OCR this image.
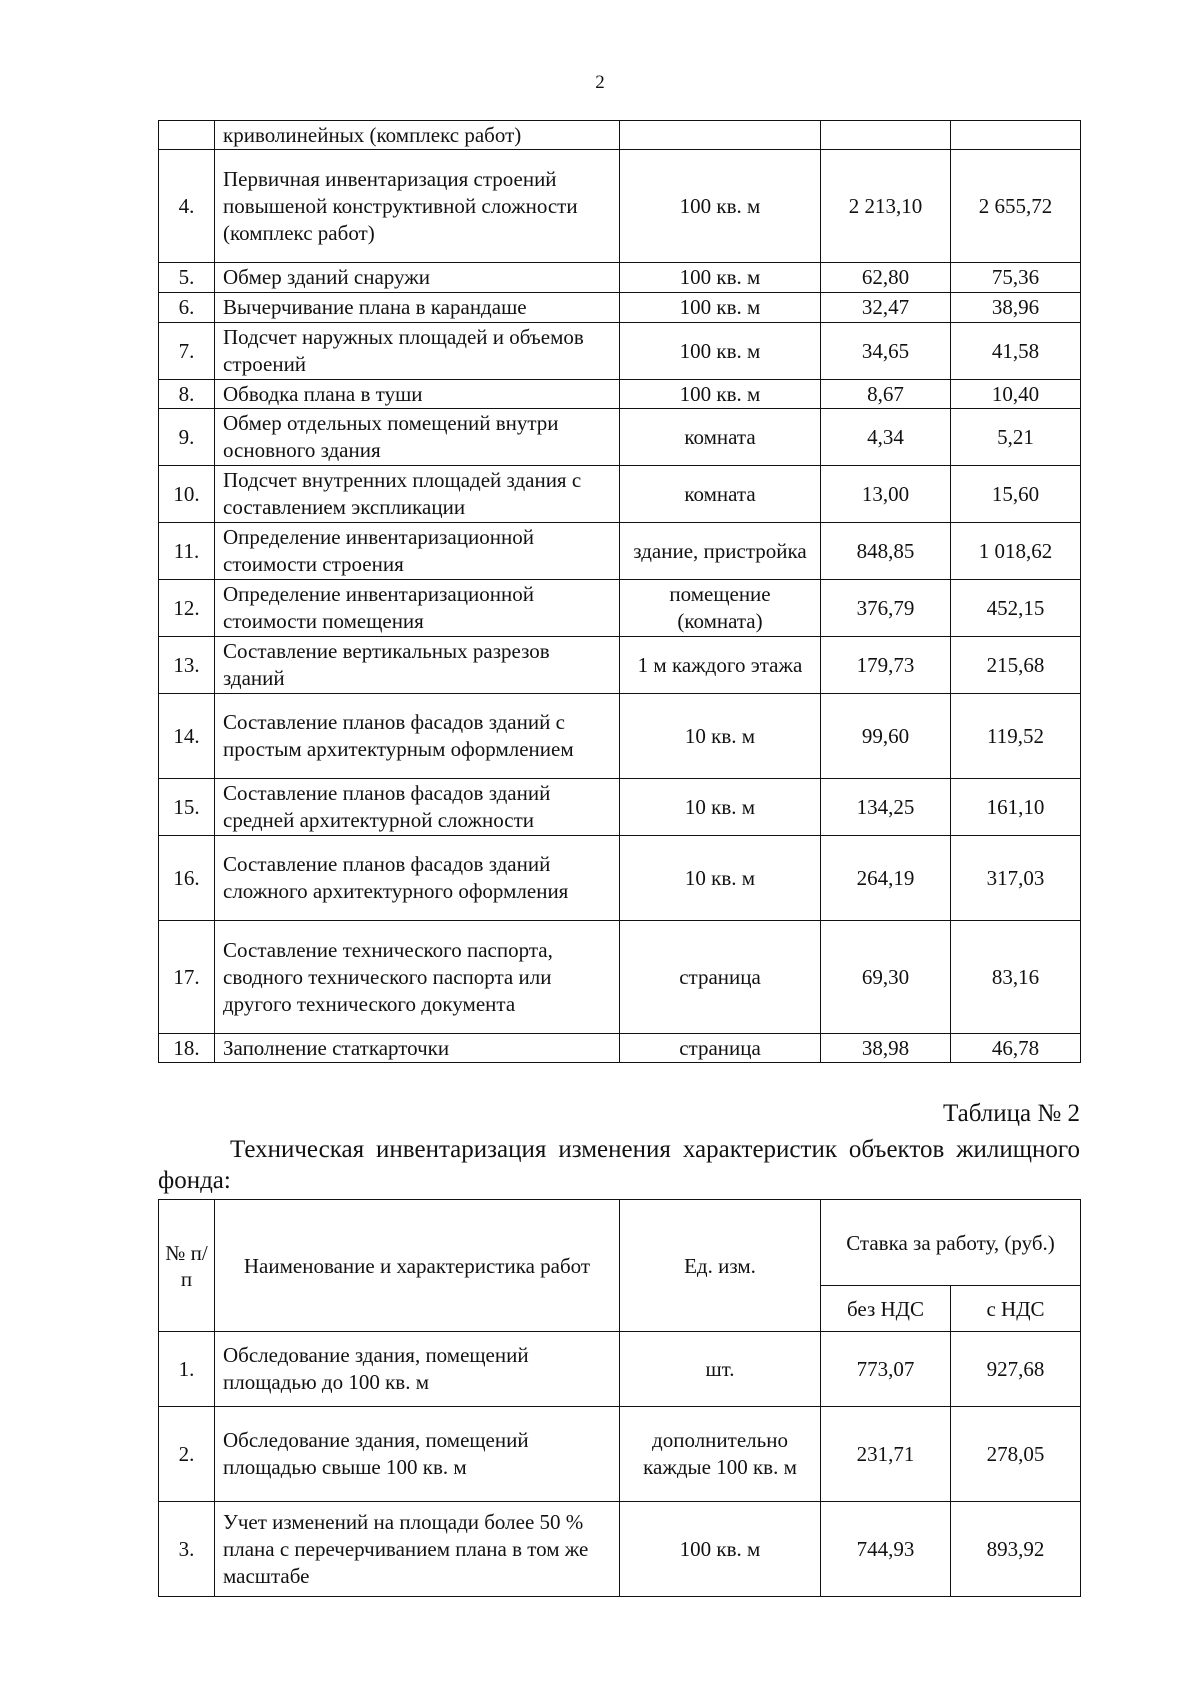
2
	криволинейных (комплекс работ)			
4.	Первичная инвентаризация строений повышеной конструктивной сложности (комплекс работ)	100 кв. м	2 213,10	2 655,72
5.	Обмер зданий снаружи	100 кв. м	62,80	75,36
6.	Вычерчивание плана в карандаше	100 кв. м	32,47	38,96
7.	Подсчет наружных площадей и объемов строений	100 кв. м	34,65	41,58
8.	Обводка плана в туши	100 кв. м	8,67	10,40
9.	Обмер отдельных помещений внутри основного здания	комната	4,34	5,21
10.	Подсчет внутренних площадей здания с составлением экспликации	комната	13,00	15,60
11.	Определение инвентаризационной стоимости строения	здание, пристройка	848,85	1 018,62
12.	Определение инвентаризационной стоимости помещения	помещение (комната)	376,79	452,15
13.	Составление вертикальных разрезов зданий	1 м каждого этажа	179,73	215,68
14.	Составление планов фасадов зданий с простым архитектурным оформлением	10 кв. м	99,60	119,52
15.	Составление планов фасадов зданий средней архитектурной сложности	10 кв. м	134,25	161,10
16.	Составление планов фасадов зданий сложного архитектурного оформления	10 кв. м	264,19	317,03
17.	Составление технического паспорта, сводного технического паспорта или другого технического документа	страница	69,30	83,16
18.	Заполнение статкарточки	страница	38,98	46,78
Таблица № 2
Техническая инвентаризация изменения характеристик объектов жилищного фонда:
№ п/п	Наименование и характеристика работ	Ед. изм.	Ставка за работу, (руб.)	
			без НДС	с НДС
1.	Обследование здания, помещений площадью до 100 кв. м	шт.	773,07	927,68
2.	Обследование здания, помещений площадью свыше 100 кв. м	дополнительно каждые 100 кв. м	231,71	278,05
3.	Учет изменений на площади более 50 % плана с перечерчиванием плана в том же масштабе	100 кв. м	744,93	893,92
